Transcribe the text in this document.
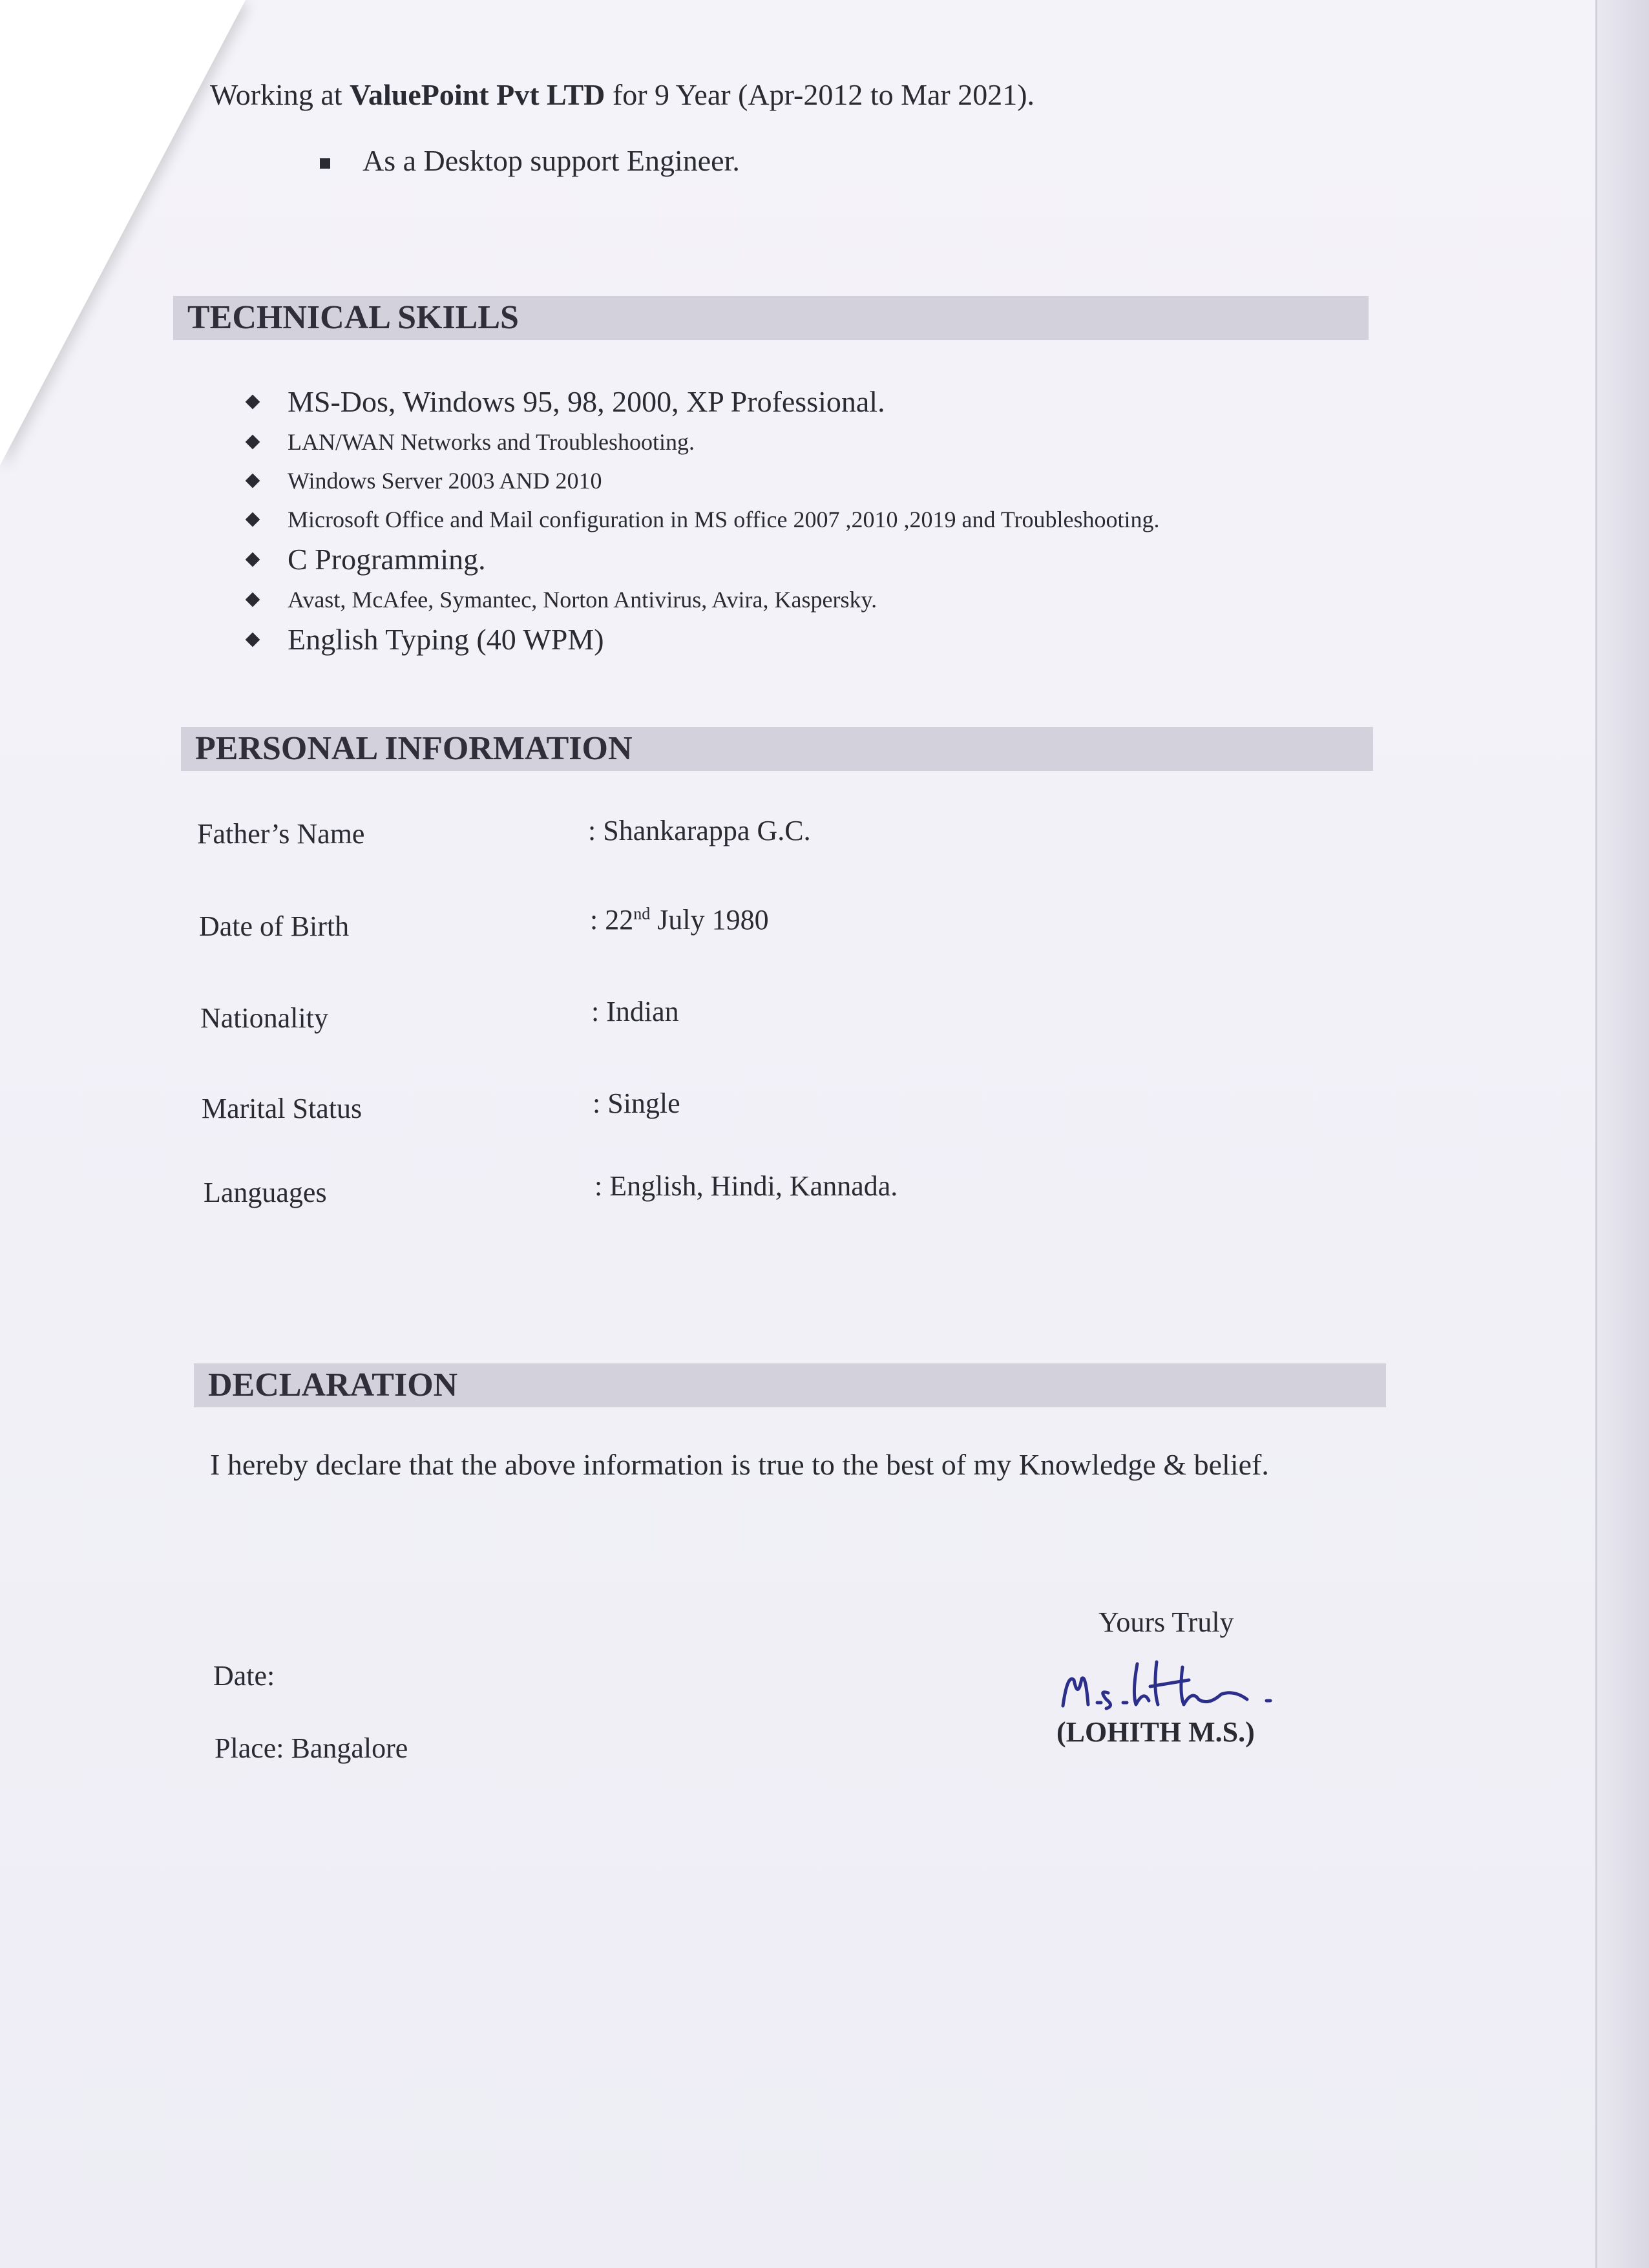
Working at ValuePoint Pvt LTD for 9 Year (Apr-2012 to Mar 2021).
As a Desktop support Engineer.
TECHNICAL SKILLS
MS-Dos, Windows 95, 98, 2000, XP Professional.
LAN/WAN Networks and Troubleshooting.
Windows Server 2003 AND 2010
Microsoft Office and Mail configuration in MS office 2007 ,2010 ,2019 and Troubleshooting.
C Programming.
Avast, McAfee, Symantec, Norton Antivirus, Avira, Kaspersky.
English Typing (40 WPM)
PERSONAL INFORMATION
Father’s Name	: Shankarappa G.C.
Date of Birth	: 22nd July 1980
Nationality	: Indian
Marital Status	: Single
Languages	: English, Hindi, Kannada.
DECLARATION
I hereby declare that the above information is true to the best of my Knowledge & belief.
Yours Truly
(LOHITH M.S.)
Date:
Place: Bangalore
